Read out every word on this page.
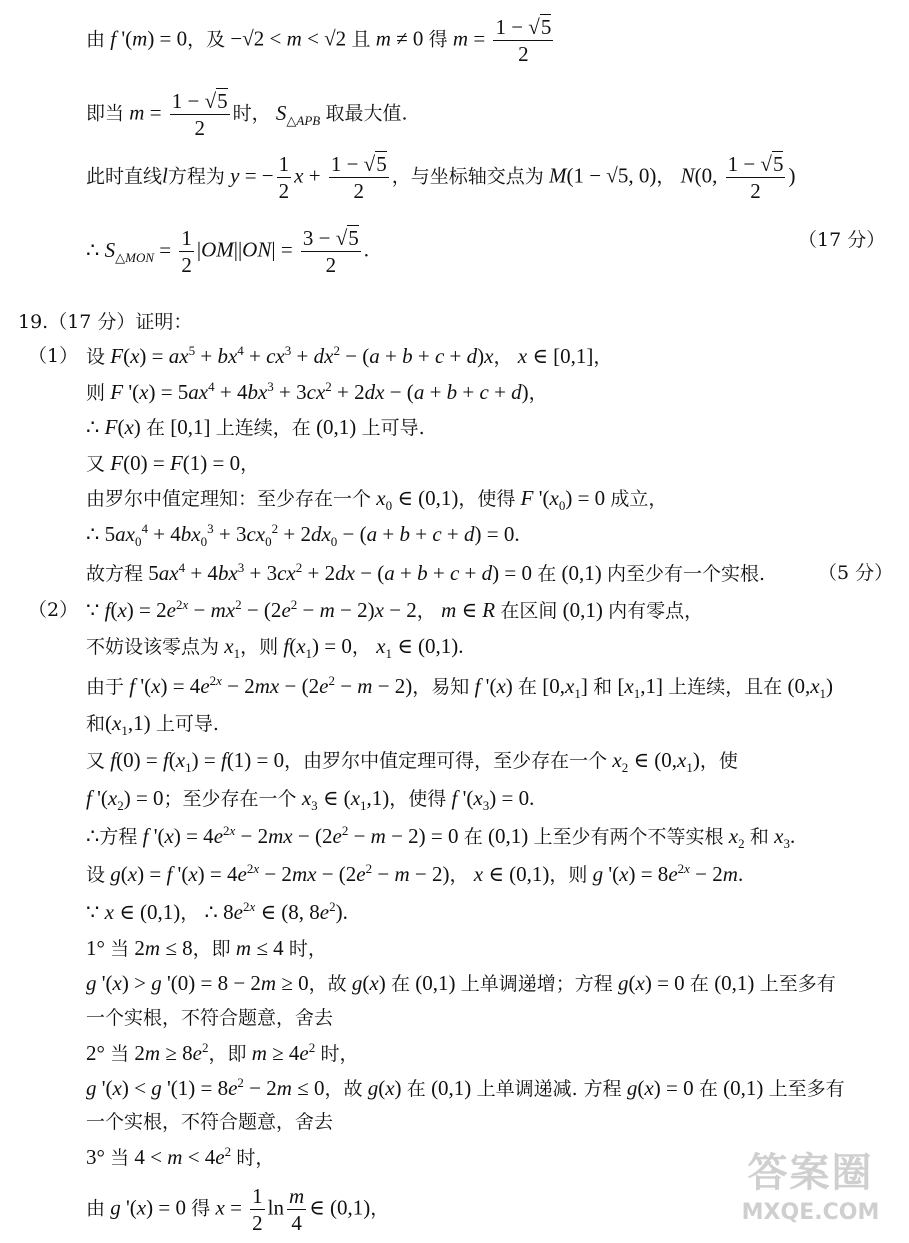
由 f '(m) = 0，及 −√2 < m < √2 且 m ≠ 0 得 $m = \frac{1 - √5}{2}$
即当 $m = \frac{1 - √5}{2}$ 时， $S_{\triangle APB}$ 取最大值.
此时直线l方程为 y = − $\frac{1}{2}$ $x + \frac{1 - √5}{2}$ ，与坐标轴交点为 M(1 − √5, 0)， N(0, $\frac{1 - √5}{2}$ )
∴ $S_{\triangle MON} = \frac{1}{2} |OM||ON| = \frac{3 - √5}{2}$ .	（17 分）
19.（17 分）证明：
（1） 设 $F(x) = ax^5 + bx^4 + cx^3 + dx^2 - (a + b + c + d)x$， x ∈ [0,1]，
则 F '$(x) = 5ax^4 + 4bx^3 + 3cx^2 + 2dx - (a + b + c + d)$，
∴ F(x) 在 [0,1] 上连续，在 (0,1) 上可导.
又 F(0) = F(1) = 0，
由罗尔中值定理知：至少存在一个 $x_0$ ∈ (0,1)，使得 F '$(x_0) = 0$ 成立，
∴ $5ax_0^4 + 4bx_0^3 + 3cx_0^2 + 2dx_0 - (a + b + c + d) = 0$.
故方程 $5ax^4 + 4bx^3 + 3cx^2 + 2dx - (a + b + c + d) = 0$ 在 (0,1) 内至少有一个实根.	（5 分）
（2） ∵ $f(x) = 2e^{2x} - mx^2 - (2e^2 - m - 2)x - 2$， m ∈ R 在区间 (0,1) 内有零点，
不妨设该零点为 $x_1$，则 $f(x_1) = 0$， $x_1$ ∈ (0,1).
由于 f '$(x) = 4e^{2x} - 2mx - (2e^2 - m - 2)$，易知 f '(x) 在 $[0,x_1]$ 和 $[x_1,1]$ 上连续，且在 $(0,x_1)$
和$(x_1,1)$ 上可导.
又 $f(0) = f(x_1) = f(1) = 0$，由罗尔中值定理可得，至少存在一个 $x_2$ ∈ $(0,x_1)$，使
f '$(x_2) = 0$；至少存在一个 $x_3$ ∈ $(x_1,1)$，使得 f '$(x_3) = 0$.
∴方程 f '$(x) = 4e^{2x} - 2mx - (2e^2 - m - 2) = 0$ 在 (0,1) 上至少有两个不等实根 $x_2$ 和 $x_3$.
设 g(x) = f '$(x) = 4e^{2x} - 2mx - (2e^2 - m - 2)$， x ∈ (0,1)，则 g '$(x) = 8e^{2x} - 2m$.
∵ x ∈ (0,1)， ∴ $8e^{2x}$ ∈ (8, $8e^2$).
1° 当 2m ≤ 8，即 m ≤ 4 时，
g '(x) > g '(0) = 8 − 2m ≥ 0，故 g(x) 在 (0,1) 上单调递增；方程 g(x) = 0 在 (0,1) 上至多有
一个实根，不符合题意，舍去
2° 当 $2m \ge 8e^2$，即 $m \ge 4e^2$ 时，
g '(x) < g '$(1) = 8e^2 - 2m \le 0$，故 g(x) 在 (0,1) 上单调递减. 方程 g(x) = 0 在 (0,1) 上至多有
一个实根，不符合题意，舍去
3° 当 $4 < m < 4e^2$ 时，
由 g '(x) = 0 得 $x = \frac{1}{2}$ $\ln \frac{m}{4}$ ∈ (0,1)，
答案圈
MXQE.COM
